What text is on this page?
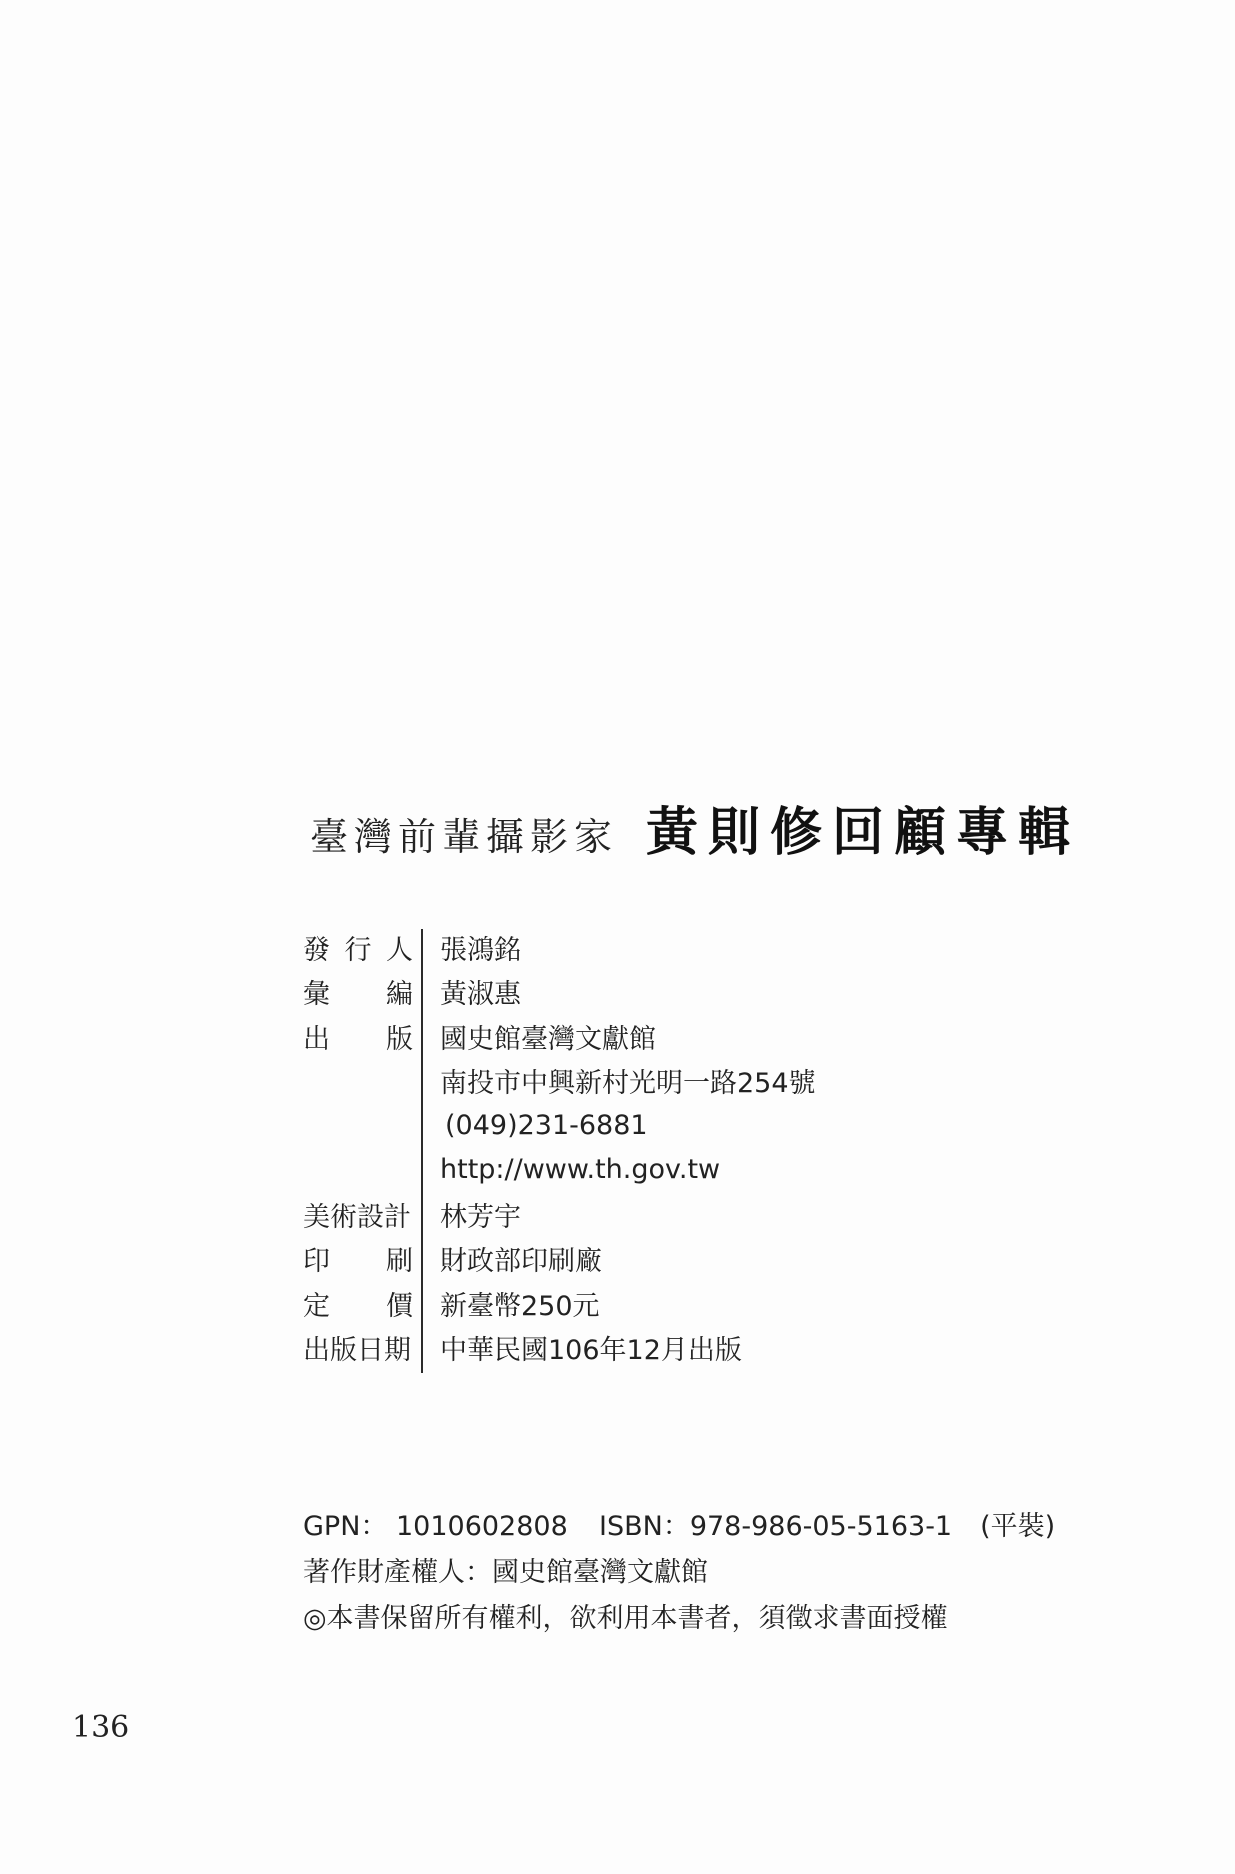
臺灣前輩攝影家 黃則修回顧專輯
發 行 人 張鴻銘
彙 編 黃淑惠
出 版 國史館臺灣文獻館
南投市中興新村光明一路254號
(049)231-6881
http://www.th.gov.tw
美術設計 林芳宇
印 刷 財政部印刷廠
定 價 新臺幣250元
出版日期 中華民國106年12月出版
GPN： 1010602808	ISBN：978-986-05-5163-1 (平裝)
著作財產權人：國史館臺灣文獻館
◎本書保留所有權利，欲利用本書者，須徵求書面授權
136
